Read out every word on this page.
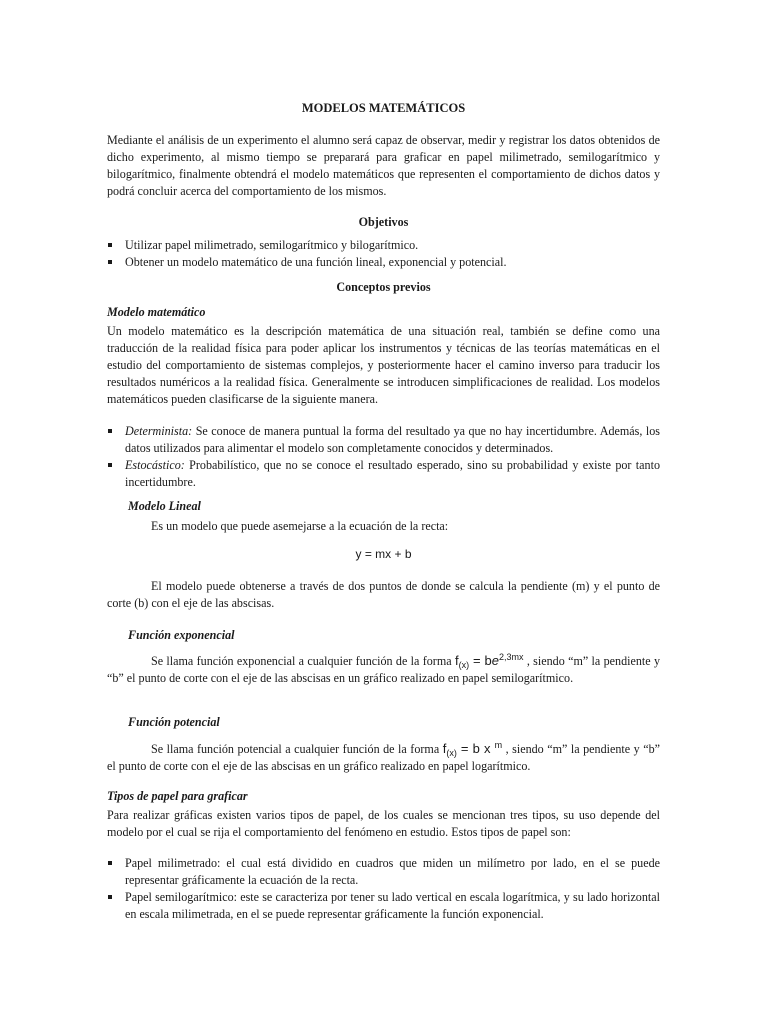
MODELOS MATEMÁTICOS

Mediante el análisis de un experimento el alumno será capaz de observar, medir y registrar los datos obtenidos de dicho experimento, al mismo tiempo se preparará para graficar en papel milimetrado, semilogarítmico y bilogarítmico, finalmente obtendrá el modelo matemáticos que representen el comportamiento de dichos datos y podrá concluir acerca del comportamiento de los mismos.

Objetivos

Utilizar papel milimetrado, semilogarítmico y bilogarítmico.
Obtener un modelo matemático de una función lineal, exponencial y potencial.

Conceptos previos

Modelo matemático

Un modelo matemático es la descripción matemática de una situación real, también se define como una traducción de la realidad física para poder aplicar los instrumentos y técnicas de las teorías matemáticas en el estudio del comportamiento de sistemas complejos, y posteriormente hacer el camino inverso para traducir los resultados numéricos a la realidad física. Generalmente se introducen simplificaciones de realidad. Los modelos matemáticos pueden clasificarse de la siguiente manera.

Determinista: Se conoce de manera puntual la forma del resultado ya que no hay incertidumbre. Además, los datos utilizados para alimentar el modelo son completamente conocidos y determinados.
Estocástico: Probabilístico, que no se conoce el resultado esperado, sino su probabilidad y existe por tanto incertidumbre.

Modelo Lineal

Es un modelo que puede asemejarse a la ecuación de la recta:

y = mx + b

El modelo puede obtenerse a través de dos puntos de donde se calcula la pendiente (m) y el punto de corte (b) con el eje de las abscisas.

Función exponencial

Se llama función exponencial a cualquier función de la forma $f_{(x)} = be^{2,3mx}$ , siendo “m” la pendiente y “b” el punto de corte con el eje de las abscisas en un gráfico realizado en papel semilogarítmico.

Función potencial

Se llama función potencial a cualquier función de la forma $f_{(x)} = b$ x $^m$ , siendo “m” la pendiente y “b” el punto de corte con el eje de las abscisas en un gráfico realizado en papel logarítmico.

Tipos de papel para graficar

Para realizar gráficas existen varios tipos de papel, de los cuales se mencionan tres tipos, su uso depende del modelo por el cual se rija el comportamiento del fenómeno en estudio. Estos tipos de papel son:

Papel milimetrado: el cual está dividido en cuadros que miden un milímetro por lado, en el se puede representar gráficamente la ecuación de la recta.
Papel semilogarítmico: este se caracteriza por tener su lado vertical en escala logarítmica, y su lado horizontal en escala milimetrada, en el se puede representar gráficamente la función exponencial.
